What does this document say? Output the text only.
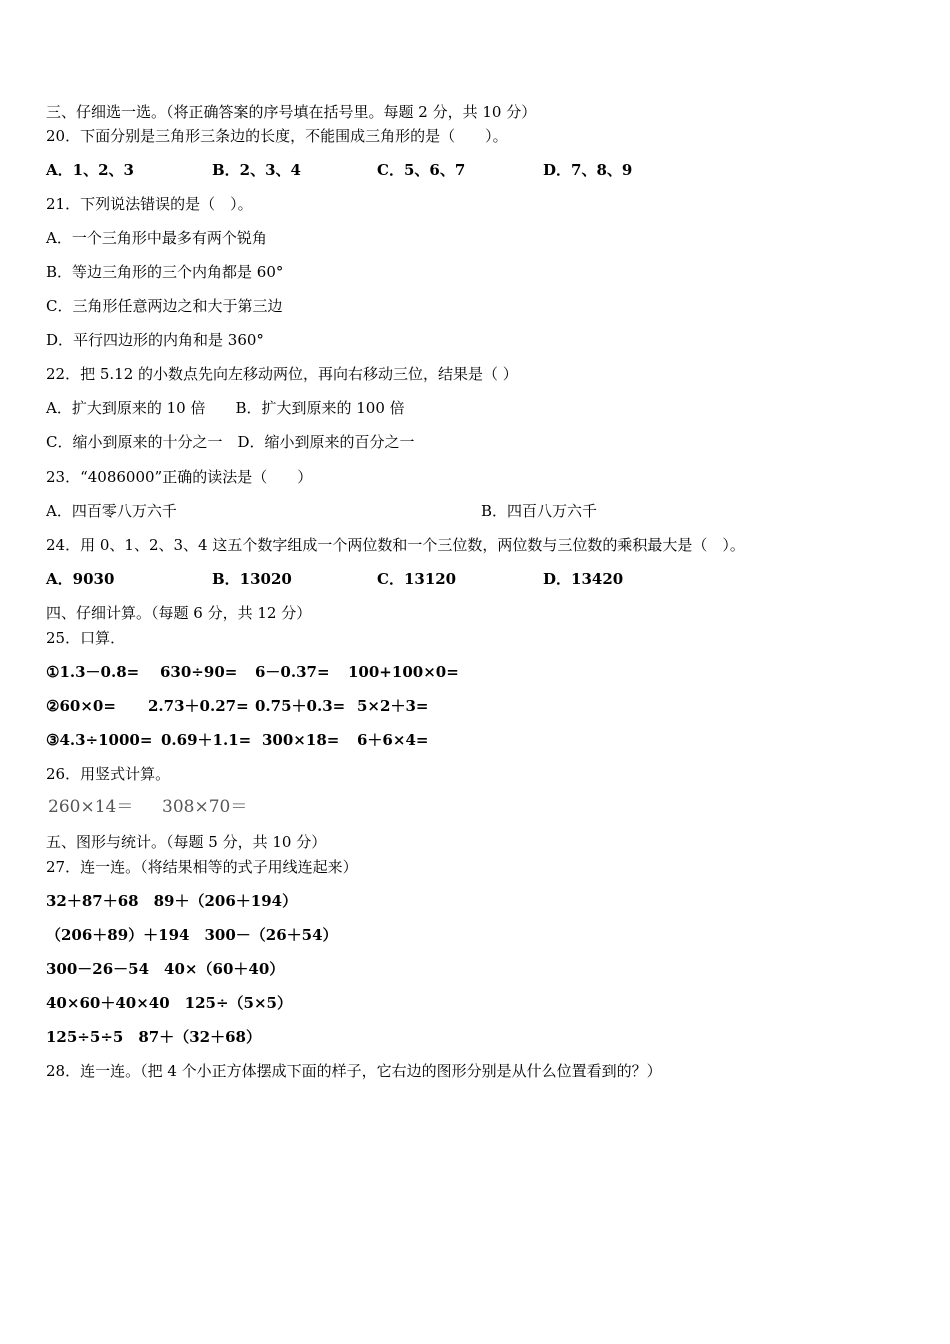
三、仔细选一选。（将正确答案的序号填在括号里。每题 2 分，共 10 分）
20．下面分别是三角形三条边的长度，不能围成三角形的是（　　）。
A．1、2、3	B．2、3、4	C．5、6、7	D．7、8、9
21．下列说法错误的是（　）。
A．一个三角形中最多有两个锐角
B．等边三角形的三个内角都是 60°
C．三角形任意两边之和大于第三边
D．平行四边形的内角和是 360°
22．把 5.12 的小数点先向左移动两位，再向右移动三位，结果是（ ）
A．扩大到原来的 10 倍　　B．扩大到原来的 100 倍
C．缩小到原来的十分之一　D．缩小到原来的百分之一
23．“4086000”正确的读法是（　　）
A．四百零八万六千	B．四百八万六千
24．用 0、1、2、3、4 这五个数字组成一个两位数和一个三位数，两位数与三位数的乘积最大是（　）。
A．9030	B．13020	C．13120	D．13420
四、仔细计算。（每题 6 分，共 12 分）
25．口算．
①1.3－0.8= 630÷90= 6－0.37= 100+100×0=
②60×0= 2.73＋0.27= 0.75＋0.3= 5×2＋3=
③4.3÷1000= 0.69＋1.1= 300×18= 6＋6×4=
26．用竖式计算。
260×14＝ 308×70＝
五、图形与统计。（每题 5 分，共 10 分）
27．连一连。（将结果相等的式子用线连起来）
32＋87＋68　89＋（206＋194）
（206＋89）＋194　300－（26＋54）
300－26－54　40×（60＋40）
40×60＋40×40　125÷（5×5）
125÷5÷5　87＋（32＋68）
28．连一连。（把 4 个小正方体摆成下面的样子，它右边的图形分别是从什么位置看到的？）
